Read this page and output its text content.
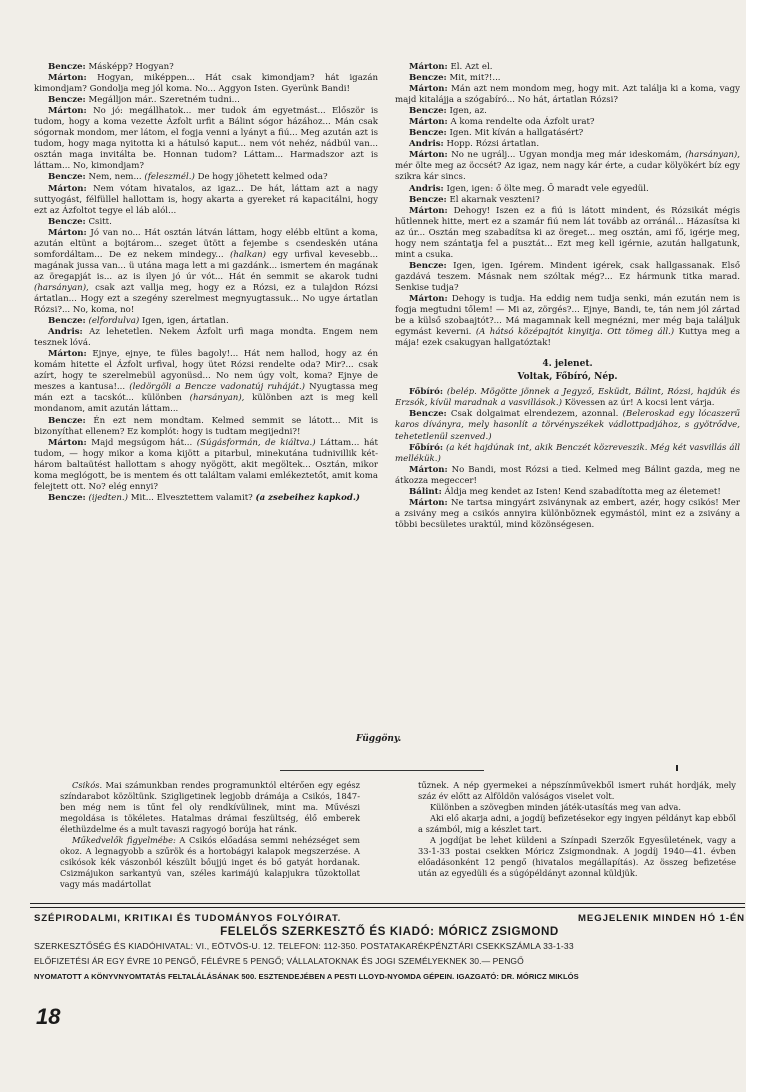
Bencze: Másképp? Hogyan?

Márton: Hogyan, miképpen... Hát csak kimondjam? hát igazán kimondjam? Gondolja meg jól koma. No... Aggyon Isten. Gyerünk Bandi!

Bencze: Megálljon már.. Szeretném tudni...

Márton: No jó: megállhatok... mer tudok ám egyetmást... Először is tudom, hogy a koma vezette Ázfolt urfit a Bálint sógor házához... Mán csak sógornak mondom, mer látom, el fogja venni a lyányt a fiú... Meg azután azt is tudom, hogy maga nyitotta ki a hátulsó kaput... nem vót nehéz, nádbúl van... osztán maga invitálta be. Honnan tudom? Láttam... Harmadszor azt is láttam... No, kimondjam?

Bencze: Nem, nem... (feleszmél.) De hogy jöhetett kelmed oda?

Márton: Nem vótam hivatalos, az igaz... De hát, láttam azt a nagy suttyogást, félfüllel hallottam is, hogy akarta a gyereket rá kapacitálni, hogy ezt az Ázfoltot tegye el láb alól...

Bencze: Csitt.

Márton: Jó van no... Hát osztán látván láttam, hogy elébb eltünt a koma, azután eltünt a bojtárom... szeget ütött a fejembe s csendeskén utána somfordáltam... De ez nekem mindegy... (halkan) egy urfival kevesebb... magának jussa van... ü utána maga lett a mi gazdánk... ismertem én magának az öregapját is... az is ilyen jó úr vót... Hát én semmit se akarok tudni (harsányan), csak azt vallja meg, hogy ez a Rózsi, ez a tulajdon Rózsi ártatlan... Hogy ezt a szegény szerelmest megnyugtassuk... No ugye ártatlan Rózsi?... No, koma, no!

Bencze: (elfordulva) Igen, igen, ártatlan.

Andris: Az lehetetlen. Nekem Ázfolt urfi maga mondta. Engem nem tesznek lóvá.

Márton: Ejnye, ejnye, te füles bagoly!... Hát nem hallod, hogy az én komám hitette el Ázfolt urfival, hogy ütet Rózsi rendelte oda? Mir?... csak azírt, hogy te szerelmebül agyonüsd... No nem úgy volt, koma? Ejnye de meszes a kantusa!... (ledörgöli a Bencze vadonatúj ruháját.) Nyugtassa meg mán ezt a tacskót... különben (harsányan), különben azt is meg kell mondanom, amit azután láttam...

Bencze: Én ezt nem mondtam. Kelmed semmit se látott... Mit is bizonyíthat ellenem? Ez komplót: hogy is tudtam megijedni?!

Márton: Majd megsúgom hát... (Súgásformán, de kiáltva.) Láttam... hát tudom, — hogy mikor a koma kijött a pitarbul, minekutána tudnivillik két-három baltaütést hallottam s ahogy nyögött, akit megöltek... Osztán, mikor koma meglógott, be is mentem és ott találtam valami emlékeztetőt, amit koma felejtett ott. No? elég ennyi?

Bencze: (ijedten.) Mit... Elvesztettem valamit? (a zsebeihez kapkod.)

Márton: El. Azt el.

Bencze: Mit, mit?!...

Márton: Mán azt nem mondom meg, hogy mit. Azt találja ki a koma, vagy majd kitalájja a szógabíró... No hát, ártatlan Rózsi?

Bencze: Igen, az.

Márton: A koma rendelte oda Ázfolt urat?

Bencze: Igen. Mit kíván a hallgatásért?

Andris: Hopp. Rózsi ártatlan.

Márton: No ne ugrálj... Ugyan mondja meg már ideskomám, (harsányan), mér ölte meg az öccsét? Az igaz, nem nagy kár érte, a cudar kölyökért bíz egy szikra kár sincs.

Andris: Igen, igen: ő ölte meg. Ő maradt vele egyedül.

Bencze: El akarnak veszteni?

Márton: Dehogy! Iszen ez a fiú is látott mindent, és Rózsikát mégis hűtlennek hitte, mert ez a szamár fiú nem lát tovább az orránál... Házasítsa ki az úr... Osztán meg szabadítsa ki az öreget... meg osztán, ami fő, igérje meg, hogy nem szántatja fel a pusztát... Ezt meg kell igérnie, azután hallgatunk, mint a csuka.

Bencze: Igen, igen. Igérem. Mindent igérek, csak hallgassanak. Első gazdává teszem. Másnak nem szóltak még?... Ez hármunk titka marad. Senkise tudja?

Márton: Dehogy is tudja. Ha eddig nem tudja senki, mán ezután nem is fogja megtudni tőlem! — Mi az, zörgés?... Ejnye, Bandi, te, tán nem jól zártad be a külső szobaajtót?... Má magamnak kell megnézni, mer még baja találjuk egymást keverni. (A hátsó középajtót kinyitja. Ott tömeg áll.) Kuttya meg a mája! ezek csakugyan hallgatóztak!

4. jelenet.

Voltak, Főbíró, Nép.

Főbíró: (belép. Mögötte jönnek a Jegyző, Esküdt, Bálint, Rózsi, hajdúk és Erzsók, kívül maradnak a vasvillások.) Kövessen az úr! A kocsi lent várja.

Bencze: Csak dolgaimat elrendezem, azonnal. (Beleroskad egy lócaszerű karos díványra, mely hasonlít a törvényszékek vádlottpadjához, s gyötrődve, tehetetlenül szenved.)

Főbíró: (a két hajdúnak int, akik Benczét közreveszik. Még két vasvillás áll mellékük.)

Márton: No Bandi, most Rózsi a tied. Kelmed meg Bálint gazda, meg ne átkozza megeccer!

Bálint: Áldja meg kendet az Isten! Kend szabadította meg az életemet!

Márton: Ne tartsa mingyárt zsiványnak az embert, azér, hogy csikós! Mer a zsivány meg a csikós annyira különböznek egymástól, mint ez a zsivány a többi becsületes uraktúl, mind közönségesen.

Függöny.

Csikós. Mai számunkban rendes programunktól eltérően egy egész színdarabot közöltünk. Szigligetinek legjobb drámája a Csikós, 1847-ben még nem is tűnt fel oly rendkívülinek, mint ma. Művészi megoldása is tökéletes. Hatalmas drámai feszültség, élő emberek élethüzdelme és a mult tavaszi ragyogó borúja hat ránk.

Műkedvelők figyelmébe: A Csikós előadása semmi nehézséget sem okoz. A legnagyobb a szűrök és a hortobágyi kalapok megszerzése. A csikósok kék vászonból készült bőujjú inget és bő gatyát hordanak. Csizmájukon sarkantyú van, széles karimájú kalapjukra tűzoktollat vagy más madártollat

tűznek. A nép gyermekei a népszínművekből ismert ruhát hordják, mely száz év előtt az Alföldön valóságos viselet volt.

Különben a szövegben minden játék-utasítás meg van adva.

Aki elő akarja adni, a jogdíj befizetésekor egy ingyen példányt kap ebből a számból, mig a készlet tart.

A jogdíjat be lehet küldeni a Színpadi Szerzők Egyesületének, vagy a 33-1-33 postai csekken Móricz Zsigmondnak. A jogdíj 1940—41. évben előadásonként 12 pengő (hivatalos megállapítás). Az összeg befizetése után az egyedüli és a súgópéldányt azonnal küldjük.

SZÉPIRODALMI, KRITIKAI ÉS TUDOMÁNYOS FOLYÓIRAT.	MEGJELENIK MINDEN HÓ 1-ÉN
FELELŐS SZERKESZTŐ ÉS KIADÓ: MÓRICZ ZSIGMOND
SZERKESZTŐSÉG ÉS KIADÓHIVATAL: VI., EÖTVÖS-U. 12. TELEFON: 112-350. POSTATAKARÉKPÉNZTÁRI CSEKKSZÁMLA 33-1-33
ELŐFIZETÉSI ÁR EGY ÉVRE 10 PENGŐ, FÉLÉVRE 5 PENGŐ; VÁLLALATOKNAK ÉS JOGI SZEMÉLYEKNEK 30.— PENGŐ
NYOMATOTT A KÖNYVNYOMTATÁS FELTALÁLÁSÁNAK 500. ESZTENDEJÉBEN A PESTI LLOYD-NYOMDA GÉPEIN. IGAZGATÓ: DR. MÓRICZ MIKLÓS
18
